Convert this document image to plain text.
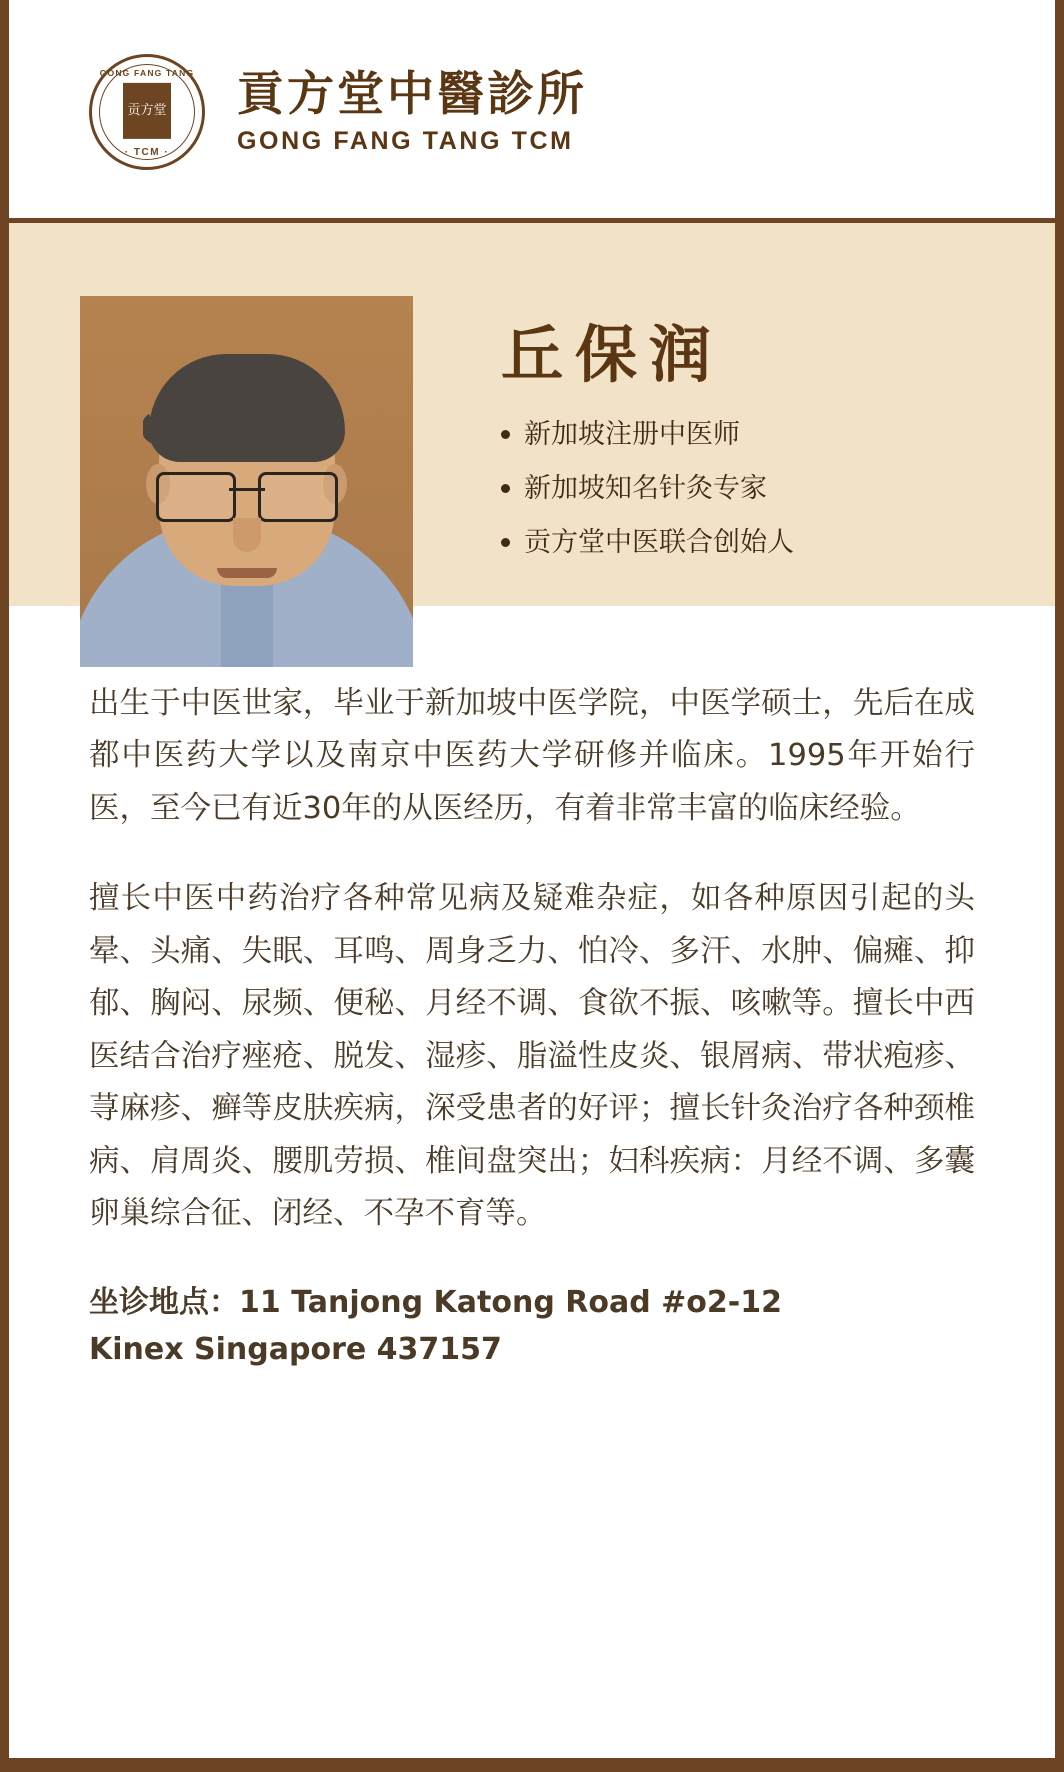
GONG FANG TANG
贡方堂
· TCM ·
貢方堂中醫診所
GONG FANG TANG TCM
丘保润
新加坡注册中医师
新加坡知名针灸专家
贡方堂中医联合创始人

出生于中医世家，毕业于新加坡中医学院，中医学硕士，先后在成都中医药大学以及南京中医药大学研修并临床。1995年开始行医，至今已有近30年的从医经历，有着非常丰富的临床经验。

擅长中医中药治疗各种常见病及疑难杂症，如各种原因引起的头晕、头痛、失眠、耳鸣、周身乏力、怕冷、多汗、水肿、偏瘫、抑郁、胸闷、尿频、便秘、月经不调、食欲不振、咳嗽等。擅长中西医结合治疗痤疮、脱发、湿疹、脂溢性皮炎、银屑病、带状疱疹、荨麻疹、癣等皮肤疾病，深受患者的好评；擅长针灸治疗各种颈椎病、肩周炎、腰肌劳损、椎间盘突出；妇科疾病：月经不调、多囊卵巢综合征、闭经、不孕不育等。

坐诊地点：11 Tanjong Katong Road #o2-12
Kinex Singapore 437157
